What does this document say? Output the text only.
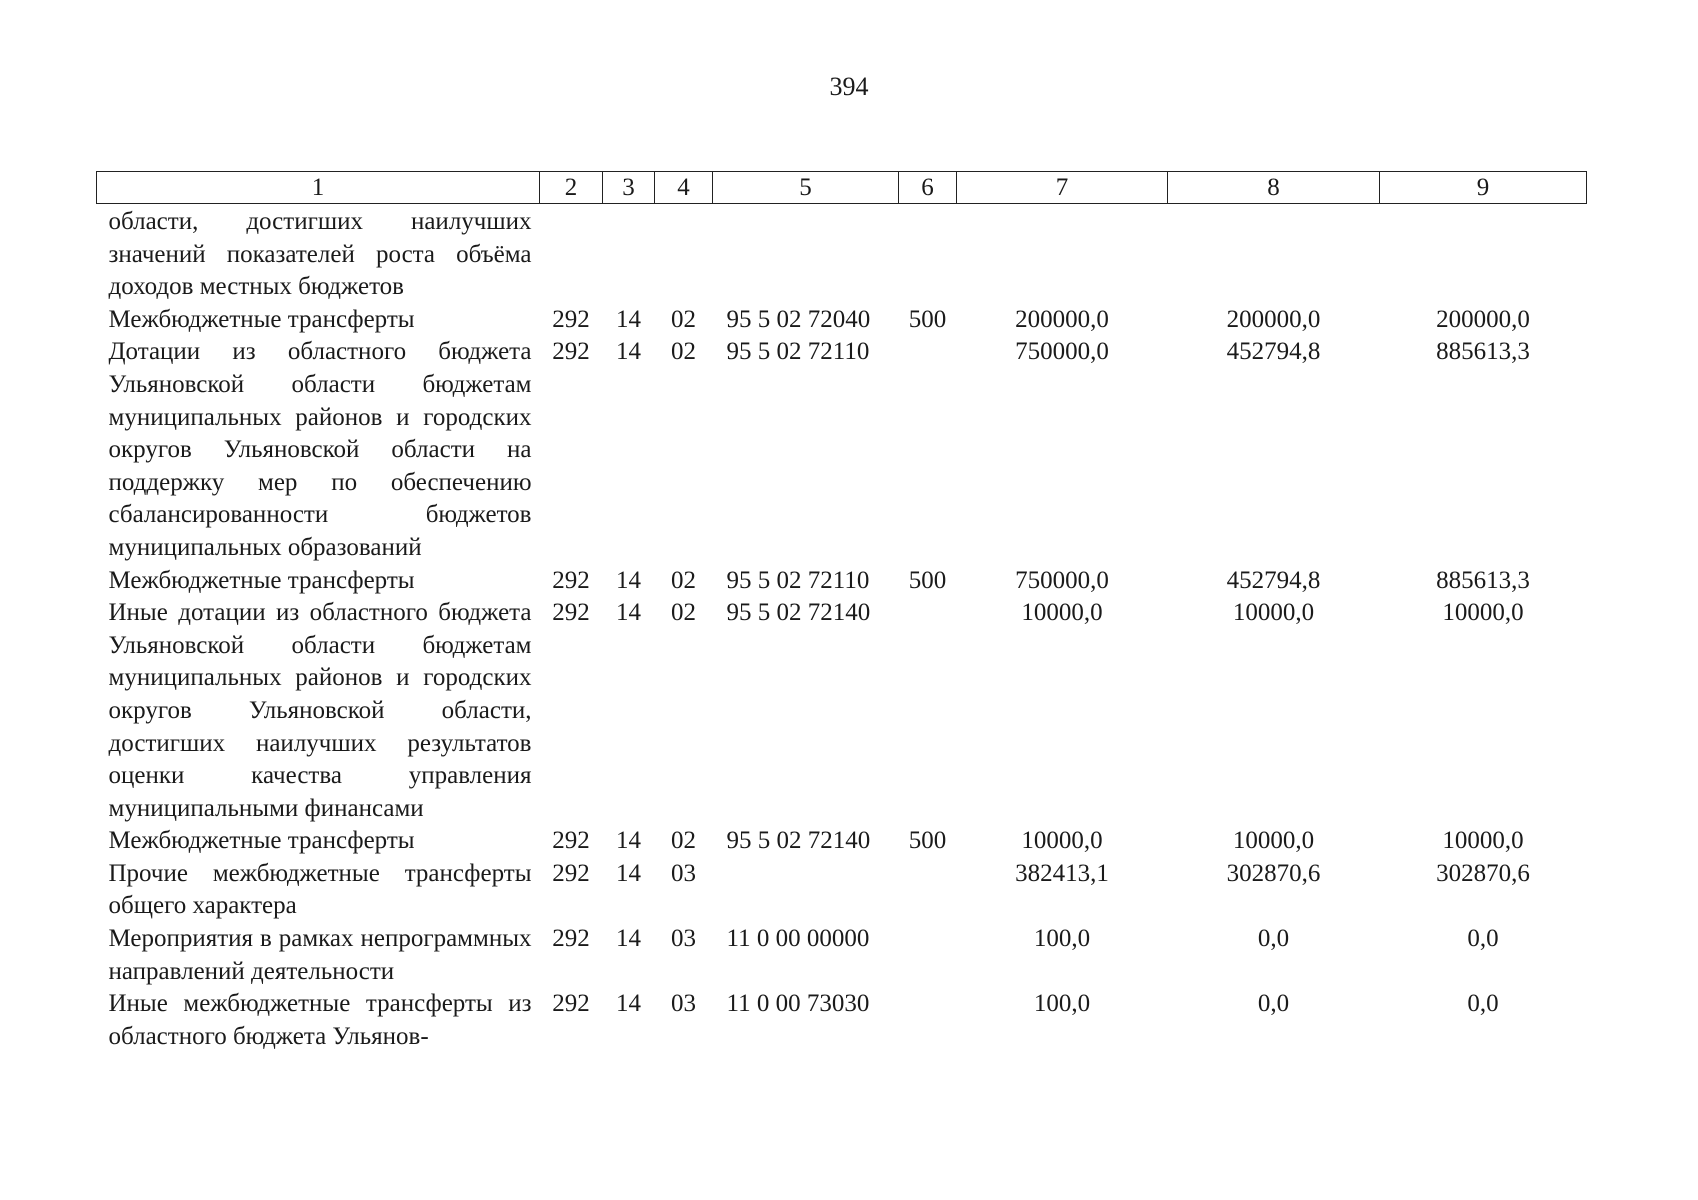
394
1	2	3	4	5	6	7	8	9
области, достигших наилучших значений показателей роста объёма доходов местных бюджетов								
Межбюджетные трансферты	292	14	02	95 5 02 72040	500	200000,0	200000,0	200000,0
Дотации из областного бюджета Ульяновской области бюджетам муниципальных районов и городских округов Ульяновской области на поддержку мер по обеспечению сбалансированности бюджетов муниципальных образований	292	14	02	95 5 02 72110		750000,0	452794,8	885613,3
Межбюджетные трансферты	292	14	02	95 5 02 72110	500	750000,0	452794,8	885613,3
Иные дотации из областного бюджета Ульяновской области бюджетам муниципальных районов и городских округов Ульяновской области, достигших наилучших результатов оценки качества управления муниципальными финансами	292	14	02	95 5 02 72140		10000,0	10000,0	10000,0
Межбюджетные трансферты	292	14	02	95 5 02 72140	500	10000,0	10000,0	10000,0
Прочие межбюджетные трансферты общего характера	292	14	03			382413,1	302870,6	302870,6
Мероприятия в рамках непрограммных направлений деятельности	292	14	03	11 0 00 00000		100,0	0,0	0,0
Иные межбюджетные трансферты из областного бюджета Ульянов-	292	14	03	11 0 00 73030		100,0	0,0	0,0
